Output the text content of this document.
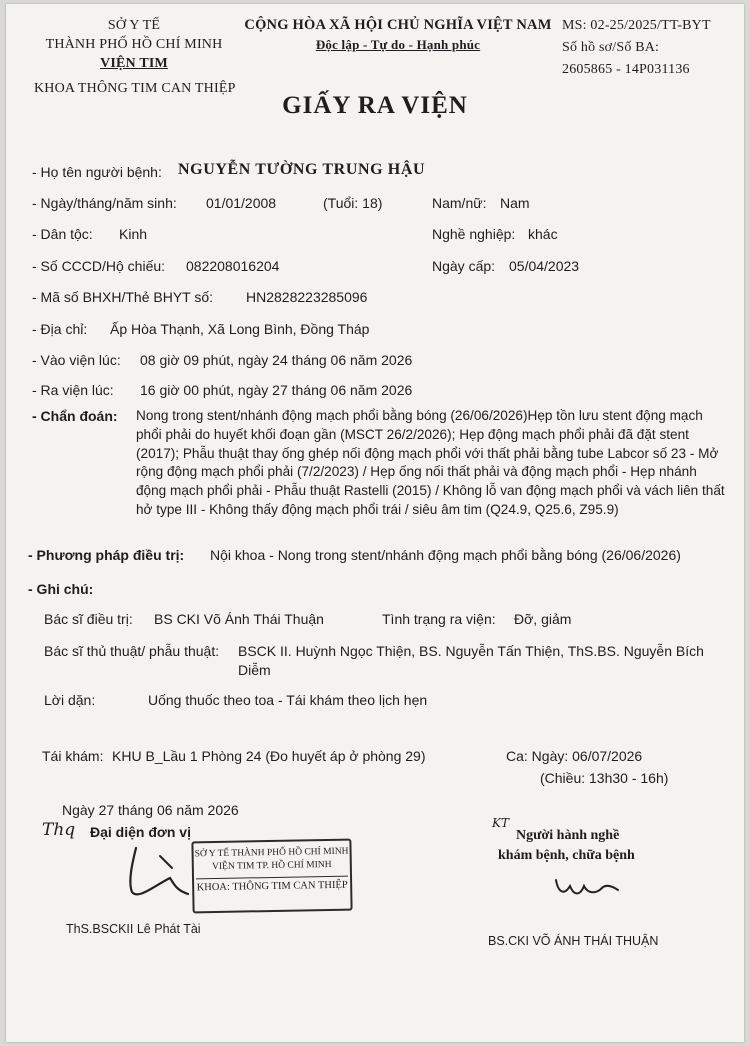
SỞ Y TẾ
THÀNH PHỐ HỒ CHÍ MINH
VIỆN TIM
KHOA THÔNG TIM CAN THIỆP
CỘNG HÒA XÃ HỘI CHỦ NGHĨA VIỆT NAM
Độc lập - Tự do - Hạnh phúc
MS: 02-25/2025/TT-BYT
Số hồ sơ/Số BA:
2605865 - 14P031136
GIẤY RA VIỆN
- Họ tên người bệnh: NGUYỄN TƯỜNG TRUNG HẬU
- Ngày/tháng/năm sinh: 01/01/2008	(Tuổi: 18)	Nam/nữ: Nam
- Dân tộc: Kinh	Nghề nghiệp: khác
- Số CCCD/Hộ chiếu: 082208016204	Ngày cấp: 05/04/2023
- Mã số BHXH/Thẻ BHYT số: HN2828223285096
- Địa chỉ: Ấp Hòa Thạnh, Xã Long Bình, Đồng Tháp
- Vào viện lúc: 08 giờ 09 phút, ngày 24 tháng 06 năm 2026
- Ra viện lúc: 16 giờ 00 phút, ngày 27 tháng 06 năm 2026
- Chẩn đoán: Nong trong stent/nhánh động mạch phổi bằng bóng (26/06/2026)Hẹp tồn lưu stent động mạch phổi phải do huyết khối đoạn gần (MSCT 26/2/2026); Hẹp động mạch phổi phải đã đặt stent (2017); Phẫu thuật thay ống ghép nối động mạch phổi với thất phải bằng tube Labcor số 23 - Mở rộng động mạch phổi phải (7/2/2023) / Hẹp ống nối thất phải và động mạch phổi - Hẹp nhánh động mạch phổi phải - Phẫu thuật Rastelli (2015) / Không lỗ van động mạch phổi và vách liên thất hở type III - Không thấy động mạch phổi trái / siêu âm tim (Q24.9, Q25.6, Z95.9)
- Phương pháp điều trị: Nội khoa - Nong trong stent/nhánh động mạch phổi bằng bóng (26/06/2026)
- Ghi chú:
Bác sĩ điều trị: BS CKI Võ Ánh Thái Thuận	Tình trạng ra viện: Đỡ, giảm
Bác sĩ thủ thuật/ phẫu thuật: BSCK II. Huỳnh Ngọc Thiện, BS. Nguyễn Tấn Thiện, ThS.BS. Nguyễn Bích Diễm
Lời dặn:	Uống thuốc theo toa - Tái khám theo lịch hẹn
Tái khám: KHU B_Lầu 1 Phòng 24 (Đo huyết áp ở phòng 29)	Ca: Ngày: 06/07/2026
(Chiều: 13h30 - 16h)
Ngày 27 tháng 06 năm 2026
Thq Đại diện đơn vị
SỞ Y TẾ THÀNH PHỐ HỒ CHÍ MINH
VIỆN TIM TP. HỒ CHÍ MINH
KHOA: THÔNG TIM CAN THIỆP
ThS.BSCKII Lê Phát Tài
KT
Người hành nghề
khám bệnh, chữa bệnh
BS.CKI VÕ ÁNH THÁI THUẬN
